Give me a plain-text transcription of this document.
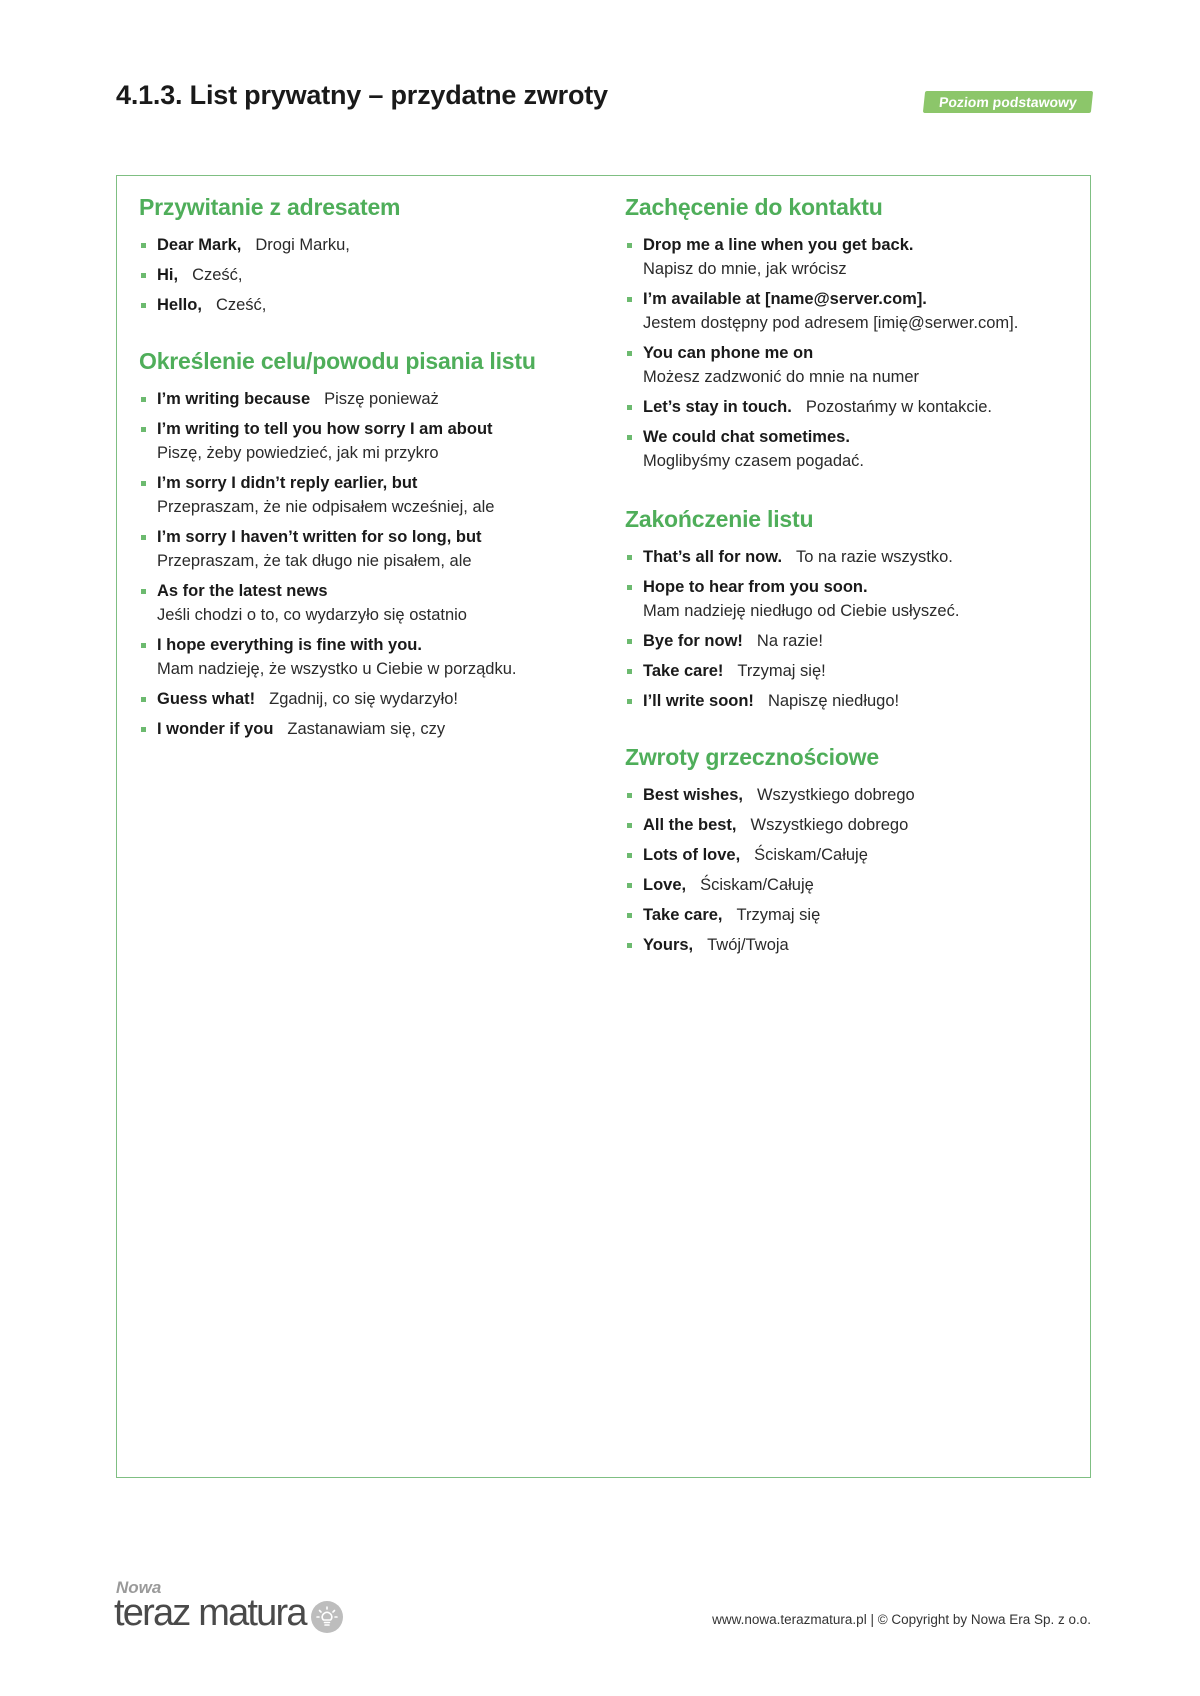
4.1.3. List prywatny – przydatne zwroty	Poziom podstawowy
Przywitanie z adresatem
Dear Mark, Drogi Marku,
Hi, Cześć,
Hello, Cześć,
Określenie celu/powodu pisania listu
I’m writing because Piszę ponieważ
I’m writing to tell you how sorry I am about
Piszę, żeby powiedzieć, jak mi przykro
I’m sorry I didn’t reply earlier, but
Przepraszam, że nie odpisałem wcześniej, ale
I’m sorry I haven’t written for so long, but
Przepraszam, że tak długo nie pisałem, ale
As for the latest news
Jeśli chodzi o to, co wydarzyło się ostatnio
I hope everything is fine with you.
Mam nadzieję, że wszystko u Ciebie w porządku.
Guess what! Zgadnij, co się wydarzyło!
I wonder if you Zastanawiam się, czy
Zachęcenie do kontaktu
Drop me a line when you get back.
Napisz do mnie, jak wrócisz
I’m available at [name@server.com].
Jestem dostępny pod adresem [imię@serwer.com].
You can phone me on
Możesz zadzwonić do mnie na numer
Let’s stay in touch. Pozostańmy w kontakcie.
We could chat sometimes.
Moglibyśmy czasem pogadać.
Zakończenie listu
That’s all for now. To na razie wszystko.
Hope to hear from you soon.
Mam nadzieję niedługo od Ciebie usłyszeć.
Bye for now! Na razie!
Take care! Trzymaj się!
I’ll write soon! Napiszę niedługo!
Zwroty grzecznościowe
Best wishes, Wszystkiego dobrego
All the best, Wszystkiego dobrego
Lots of love, Ściskam/Całuję
Love, Ściskam/Całuję
Take care, Trzymaj się
Yours, Twój/Twoja
Nowa
teraz matura	www.nowa.terazmatura.pl | © Copyright by Nowa Era Sp. z o.o.
